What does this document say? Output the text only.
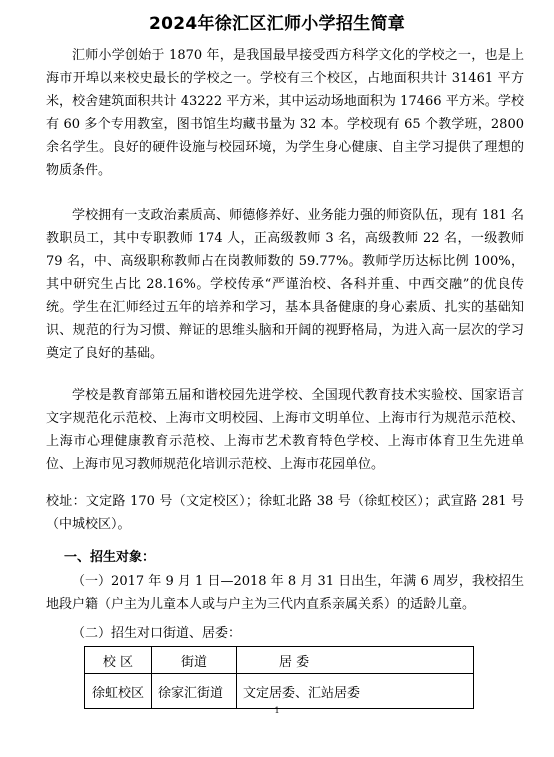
2024年徐汇区汇师小学招生简章

汇师小学创始于 1870 年，是我国最早接受西方科学文化的学校之一，也是上海市开埠以来校史最长的学校之一。学校有三个校区，占地面积共计 31461 平方米，校舍建筑面积共计 43222 平方米，其中运动场地面积为 17466 平方米。学校有 60 多个专用教室，图书馆生均藏书量为 32 本。学校现有 65 个教学班，2800 余名学生。良好的硬件设施与校园环境，为学生身心健康、自主学习提供了理想的物质条件。

学校拥有一支政治素质高、师德修养好、业务能力强的师资队伍，现有 181 名教职员工，其中专职教师 174 人，正高级教师 3 名，高级教师 22 名，一级教师 79 名，中、高级职称教师占在岗教师数的 59.77%。教师学历达标比例 100%，其中研究生占比 28.16%。学校传承“严谨治校、各科并重、中西交融”的优良传统。学生在汇师经过五年的培养和学习，基本具备健康的身心素质、扎实的基础知识、规范的行为习惯、辩证的思维头脑和开阔的视野格局，为进入高一层次的学习奠定了良好的基础。

学校是教育部第五届和谐校园先进学校、全国现代教育技术实验校、国家语言文字规范化示范校、上海市文明校园、上海市文明单位、上海市行为规范示范校、上海市心理健康教育示范校、上海市艺术教育特色学校、上海市体育卫生先进单位、上海市见习教师规范化培训示范校、上海市花园单位。

校址：文定路 170 号（文定校区）；徐虹北路 38 号（徐虹校区）；武宣路 281 号（中城校区）。

一、招生对象：

（一）2017 年 9 月 1 日—2018 年 8 月 31 日出生，年满 6 周岁，我校招生地段户籍（户主为儿童本人或与户主为三代内直系亲属关系）的适龄儿童。

（二）招生对口街道、居委：
校 区	街道	居 委
徐虹校区	徐家汇街道	文定居委、汇站居委
1
